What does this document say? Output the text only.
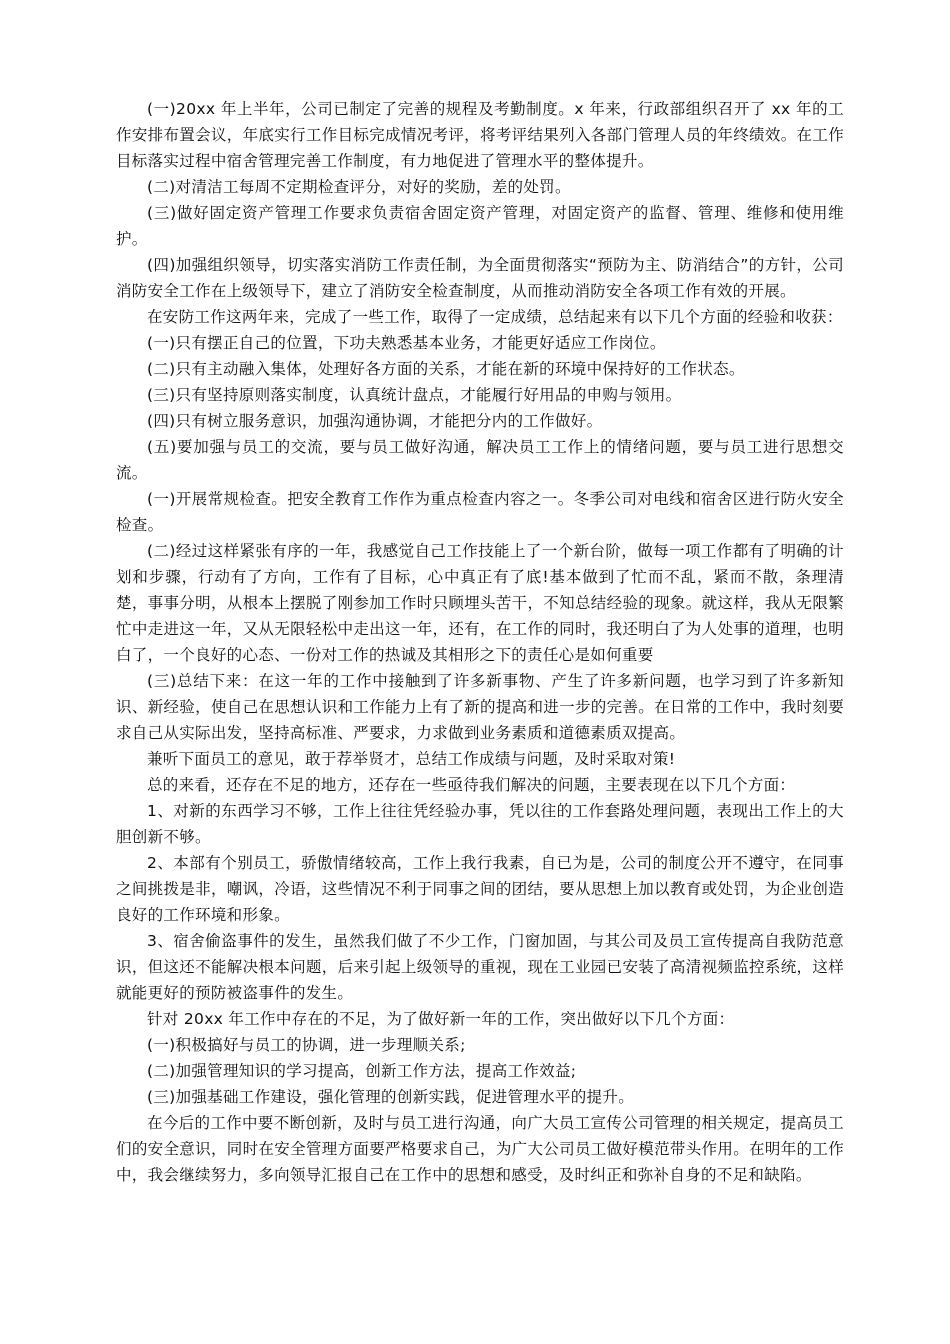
(一)20xx 年上半年，公司已制定了完善的规程及考勤制度。x 年来，行政部组织召开了 xx 年的工作安排布置会议，年底实行工作目标完成情况考评，将考评结果列入各部门管理人员的年终绩效。在工作目标落实过程中宿舍管理完善工作制度，有力地促进了管理水平的整体提升。

(二)对清洁工每周不定期检查评分，对好的奖励，差的处罚。

(三)做好固定资产管理工作要求负责宿舍固定资产管理，对固定资产的监督、管理、维修和使用维护。

(四)加强组织领导，切实落实消防工作责任制，为全面贯彻落实“预防为主、防消结合”的方针，公司消防安全工作在上级领导下，建立了消防安全检查制度，从而推动消防安全各项工作有效的开展。

在安防工作这两年来，完成了一些工作，取得了一定成绩，总结起来有以下几个方面的经验和收获：

(一)只有摆正自己的位置，下功夫熟悉基本业务，才能更好适应工作岗位。

(二)只有主动融入集体，处理好各方面的关系，才能在新的环境中保持好的工作状态。

(三)只有坚持原则落实制度，认真统计盘点，才能履行好用品的申购与领用。

(四)只有树立服务意识，加强沟通协调，才能把分内的工作做好。

(五)要加强与员工的交流，要与员工做好沟通，解决员工工作上的情绪问题，要与员工进行思想交流。

(一)开展常规检查。把安全教育工作作为重点检查内容之一。冬季公司对电线和宿舍区进行防火安全检查。

(二)经过这样紧张有序的一年，我感觉自己工作技能上了一个新台阶，做每一项工作都有了明确的计划和步骤，行动有了方向，工作有了目标，心中真正有了底!基本做到了忙而不乱，紧而不散，条理清楚，事事分明，从根本上摆脱了刚参加工作时只顾埋头苦干，不知总结经验的现象。就这样，我从无限繁忙中走进这一年，又从无限轻松中走出这一年，还有，在工作的同时，我还明白了为人处事的道理，也明白了，一个良好的心态、一份对工作的热诚及其相形之下的责任心是如何重要

(三)总结下来：在这一年的工作中接触到了许多新事物、产生了许多新问题，也学习到了许多新知识、新经验，使自己在思想认识和工作能力上有了新的提高和进一步的完善。在日常的工作中，我时刻要求自己从实际出发，坚持高标准、严要求，力求做到业务素质和道德素质双提高。

兼听下面员工的意见，敢于荐举贤才，总结工作成绩与问题，及时采取对策!

总的来看，还存在不足的地方，还存在一些亟待我们解决的问题，主要表现在以下几个方面：

1、对新的东西学习不够，工作上往往凭经验办事，凭以往的工作套路处理问题，表现出工作上的大胆创新不够。

2、本部有个别员工，骄傲情绪较高，工作上我行我素，自已为是，公司的制度公开不遵守，在同事之间挑拨是非，嘲讽，冷语，这些情况不利于同事之间的团结，要从思想上加以教育或处罚，为企业创造良好的工作环境和形象。

3、宿舍偷盗事件的发生，虽然我们做了不少工作，门窗加固，与其公司及员工宣传提高自我防范意识，但这还不能解决根本问题，后来引起上级领导的重视，现在工业园已安装了高清视频监控系统，这样就能更好的预防被盗事件的发生。

针对 20xx 年工作中存在的不足，为了做好新一年的工作，突出做好以下几个方面：

(一)积极搞好与员工的协调，进一步理顺关系;

(二)加强管理知识的学习提高，创新工作方法，提高工作效益;

(三)加强基础工作建设，强化管理的创新实践，促进管理水平的提升。

在今后的工作中要不断创新，及时与员工进行沟通，向广大员工宣传公司管理的相关规定，提高员工们的安全意识，同时在安全管理方面要严格要求自己，为广大公司员工做好模范带头作用。在明年的工作中，我会继续努力，多向领导汇报自己在工作中的思想和感受，及时纠正和弥补自身的不足和缺陷。
